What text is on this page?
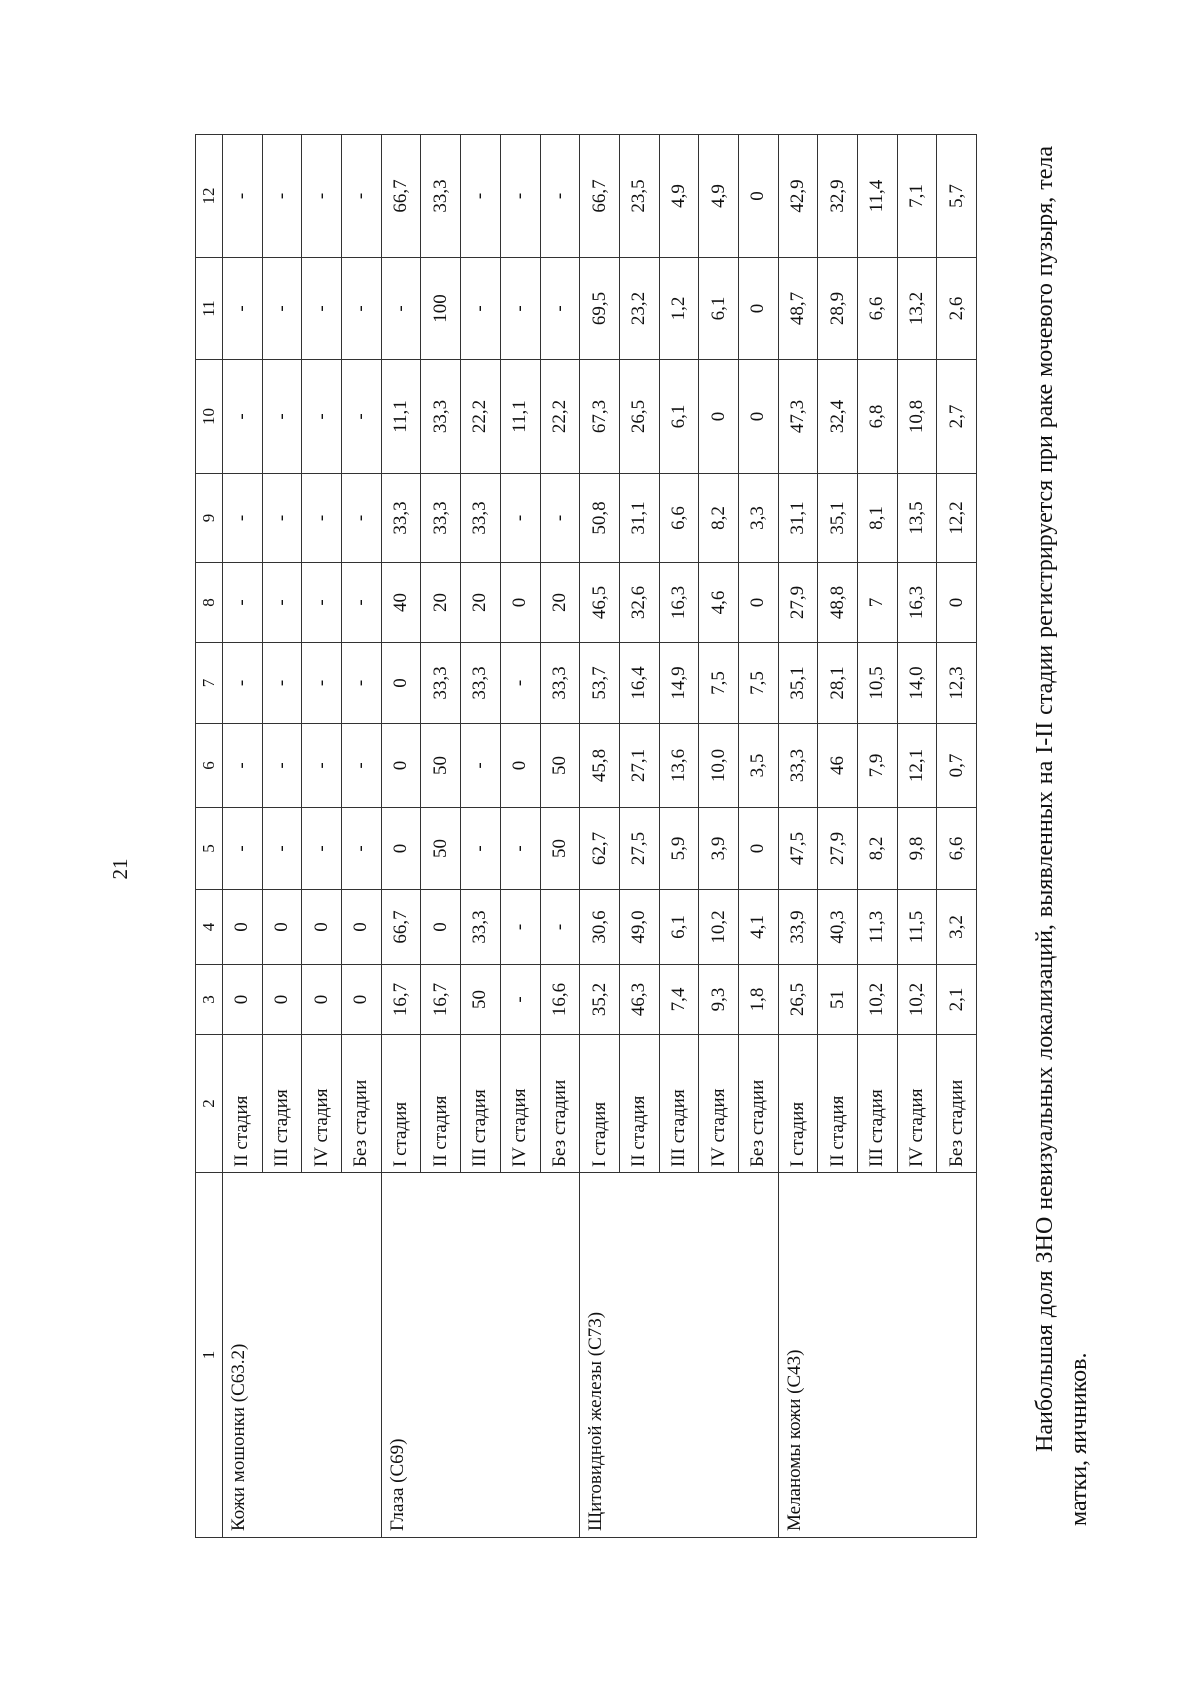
21
1	2	3	4	5	6	7	8	9	10	11	12
Кожи мошонки (C63.2)	II стадия	0	0	-	-	-	-	-	-	-	-
	III стадия	0	0	-	-	-	-	-	-	-	-
	IV стадия	0	0	-	-	-	-	-	-	-	-
	Без стадии	0	0	-	-	-	-	-	-	-	-
Глаза (С69)	I стадия	16,7	66,7	0	0	0	40	33,3	11,1	-	66,7
	II стадия	16,7	0	50	50	33,3	20	33,3	33,3	100	33,3
	III стадия	50	33,3	-	-	33,3	20	33,3	22,2	-	-
	IV стадия	-	-	-	0	-	0	-	11,1	-	-
	Без стадии	16,6	-	50	50	33,3	20	-	22,2	-	-
Щитовидной железы (С73)	I стадия	35,2	30,6	62,7	45,8	53,7	46,5	50,8	67,3	69,5	66,7
	II стадия	46,3	49,0	27,5	27,1	16,4	32,6	31,1	26,5	23,2	23,5
	III стадия	7,4	6,1	5,9	13,6	14,9	16,3	6,6	6,1	1,2	4,9
	IV стадия	9,3	10,2	3,9	10,0	7,5	4,6	8,2	0	6,1	4,9
	Без стадии	1,8	4,1	0	3,5	7,5	0	3,3	0	0	0
Меланомы кожи (С43)	I стадия	26,5	33,9	47,5	33,3	35,1	27,9	31,1	47,3	48,7	42,9
	II стадия	51	40,3	27,9	46	28,1	48,8	35,1	32,4	28,9	32,9
	III стадия	10,2	11,3	8,2	7,9	10,5	7	8,1	6,8	6,6	11,4
	IV стадия	10,2	11,5	9,8	12,1	14,0	16,3	13,5	10,8	13,2	7,1
	Без стадии	2,1	3,2	6,6	0,7	12,3	0	12,2	2,7	2,6	5,7	Наибольшая доля ЗНО невизуальных локализаций, выявленных на I-II стадии регистрируется при раке мочевого пузыря, тела матки, яичников.
